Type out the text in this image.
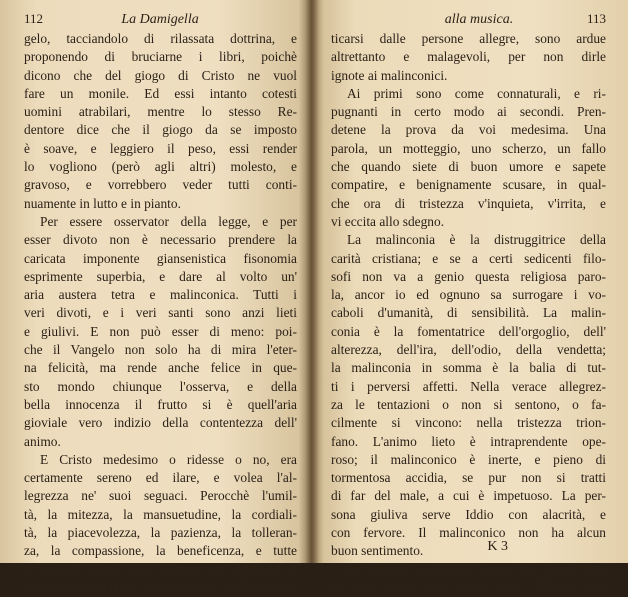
112	La Damigella
gelo, tacciandolo di rilassata dottrina, e
proponendo di bruciarne i libri, poichè
dicono che del giogo di Cristo ne vuol
fare un monile. Ed essi intanto cotesti
uomini atrabilari, mentre lo stesso Re-
dentore dice che il giogo da se imposto
è soave, e leggiero il peso, essi render
lo vogliono (però agli altri) molesto, e
gravoso, e vorrebbero veder tutti conti-
nuamente in lutto e in pianto.
Per essere osservator della legge, e per
esser divoto non è necessario prendere la
caricata imponente giansenistica fisonomia
esprimente superbia, e dare al volto un'
aria austera tetra e malinconica. Tutti i
veri divoti, e i veri santi sono anzi lieti
e giulivi. E non può esser di meno: poi-
che il Vangelo non solo ha di mira l'eter-
na felicità, ma rende anche felice in que-
sto mondo chiunque l'osserva, e della
bella innocenza il frutto si è quell'aria
gioviale vero indizio della contentezza dell'
animo.
E Cristo medesimo o ridesse o no, era
certamente sereno ed ilare, e volea l'al-
legrezza ne' suoi seguaci. Perocchè l'umil-
tà, la mitezza, la mansuetudine, la cordiali-
tà, la piacevolezza, la pazienza, la tolleran-
za, la compassione, la beneficenza, e tutte
le sociali virtù, che formar ne debbono il
distintivo carattere, quanto sono facili a pra-
alla musica.	113
ticarsi dalle persone allegre, sono ardue
altrettanto e malagevoli, per non dirle
ignote ai malinconici.
Ai primi sono come connaturali, e ri-
pugnanti in certo modo ai secondi. Pren-
detene la prova da voi medesima. Una
parola, un motteggio, uno scherzo, un fallo
che quando siete di buon umore e sapete
compatire, e benignamente scusare, in qual-
che ora di tristezza v'inquieta, v'irrita, e
vi eccita allo sdegno.
La malinconia è la distruggitrice della
carità cristiana; e se a certi sedicenti filo-
sofi non va a genio questa religiosa paro-
la, ancor io ed ognuno sa surrogare i vo-
caboli d'umanità, di sensibilità. La malin-
conia è la fomentatrice dell'orgoglio, dell'
alterezza, dell'ira, dell'odio, della vendetta;
la malinconia in somma è la balia di tut-
ti i perversi affetti. Nella verace allegrez-
za le tentazioni o non si sentono, o fa-
cilmente si vincono: nella tristezza trion-
fano. L'animo lieto è intraprendente ope-
roso; il malinconico è inerte, e pieno di
tormentosa accidia, se pur non si tratti
di far del male, a cui è impetuoso. La per-
sona giuliva serve Iddio con alacrità, e
con fervore. Il malinconico non ha alcun
buon sentimento.
Io sempre riguardai come un gran san-
to non solo, ma come gran filosofo an-
K 3
